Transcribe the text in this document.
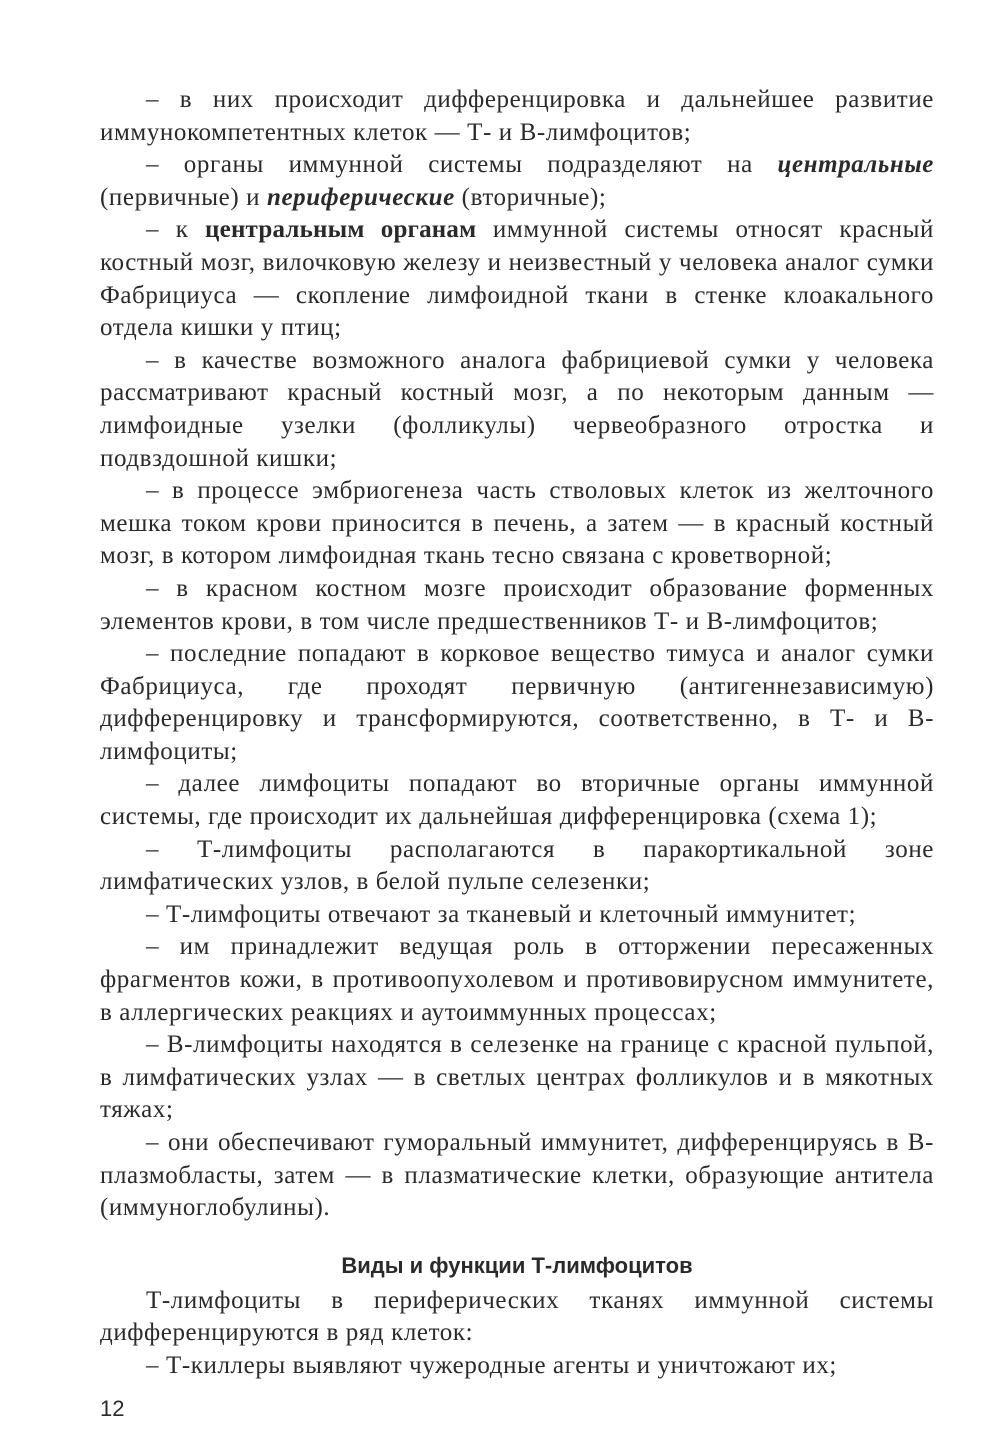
– в них происходит дифференцировка и дальнейшее развитие иммунокомпетентных клеток — Т- и В-лимфоцитов;

– органы иммунной системы подразделяют на центральные (первичные) и периферические (вторичные);

– к центральным органам иммунной системы относят красный костный мозг, вилочковую железу и неизвестный у человека аналог сумки Фабрициуса — скопление лимфоидной ткани в стенке клоакального отдела кишки у птиц;

– в качестве возможного аналога фабрициевой сумки у человека рассматривают красный костный мозг, а по некоторым данным — лимфоидные узелки (фолликулы) червеобразного отростка и подвздошной кишки;

– в процессе эмбриогенеза часть стволовых клеток из желточного мешка током крови приносится в печень, а затем — в красный костный мозг, в котором лимфоидная ткань тесно связана с кроветворной;

– в красном костном мозге происходит образование форменных элементов крови, в том числе предшественников Т- и В-лимфоцитов;

– последние попадают в корковое вещество тимуса и аналог сумки Фабрициуса, где проходят первичную (антигеннезависимую) дифференцировку и трансформируются, соответственно, в Т- и В-лимфоциты;

– далее лимфоциты попадают во вторичные органы иммунной системы, где происходит их дальнейшая дифференцировка (схема 1);

– Т-лимфоциты располагаются в паракортикальной зоне лимфатических узлов, в белой пульпе селезенки;

– Т-лимфоциты отвечают за тканевый и клеточный иммунитет;

– им принадлежит ведущая роль в отторжении пересаженных фрагментов кожи, в противоопухолевом и противовирусном иммунитете, в аллергических реакциях и аутоиммунных процессах;

– В-лимфоциты находятся в селезенке на границе с красной пульпой, в лимфатических узлах — в светлых центрах фолликулов и в мякотных тяжах;

– они обеспечивают гуморальный иммунитет, дифференцируясь в В-плазмобласты, затем — в плазматические клетки, образующие антитела (иммуноглобулины).

Виды и функции Т-лимфоцитов

Т-лимфоциты в периферических тканях иммунной системы дифференцируются в ряд клеток:

– Т-киллеры выявляют чужеродные агенты и уничтожают их;

12
